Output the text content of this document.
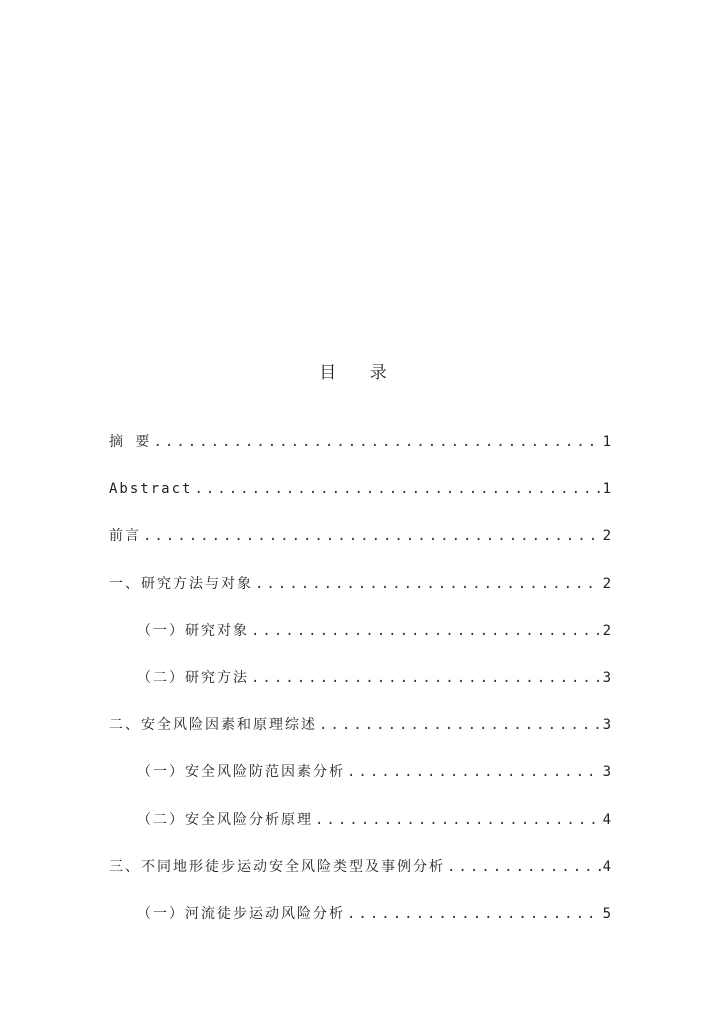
目 录
摘 要 .....	1
Abstract .....	1
前言 .....	2
一、研究方法与对象 .....	2
（一）研究对象 .....	2
（二）研究方法 .....	3
二、安全风险因素和原理综述 .....	3
（一）安全风险防范因素分析 .....	3
（二）安全风险分析原理 .....	4
三、不同地形徒步运动安全风险类型及事例分析 .....	4
（一）河流徒步运动风险分析 .....	5
